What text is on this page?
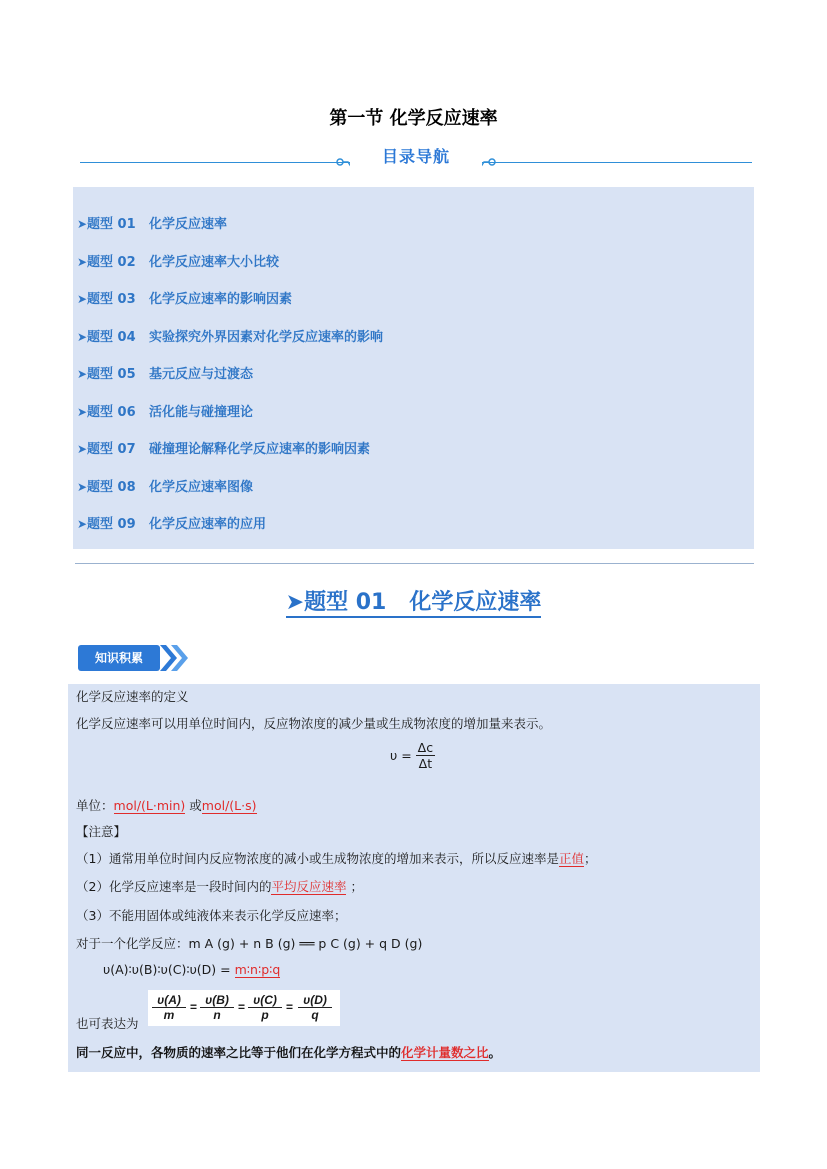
第一节 化学反应速率
目录导航
➤题型 01 化学反应速率
➤题型 02 化学反应速率大小比较
➤题型 03 化学反应速率的影响因素
➤题型 04 实验探究外界因素对化学反应速率的影响
➤题型 05 基元反应与过渡态
➤题型 06 活化能与碰撞理论
➤题型 07 碰撞理论解释化学反应速率的影响因素
➤题型 08 化学反应速率图像
➤题型 09 化学反应速率的应用
➤题型 01 化学反应速率
知识积累
化学反应速率的定义
化学反应速率可以用单位时间内，反应物浓度的减少量或生成物浓度的增加量来表示。
$\upsilon = \frac{\Delta c}{\Delta t}$
单位：mol/(L·min) 或mol/(L·s)
【注意】
（1）通常用单位时间内反应物浓度的减小或生成物浓度的增加来表示，所以反应速率是正值；
（2）化学反应速率是一段时间内的平均反应速率 ；
（3）不能用固体或纯液体来表示化学反应速率；
对于一个化学反应：m A (g) + n B (g) ══ p C (g) + q D (g)
υ(A)∶υ(B)∶υ(C)∶υ(D) = m∶n∶p∶q
也可表达为
$\frac{\upsilon(A)}{m} = \frac{\upsilon(B)}{n} = \frac{\upsilon(C)}{p} = \frac{\upsilon(D)}{q}$
同一反应中，各物质的速率之比等于他们在化学方程式中的化学计量数之比。
